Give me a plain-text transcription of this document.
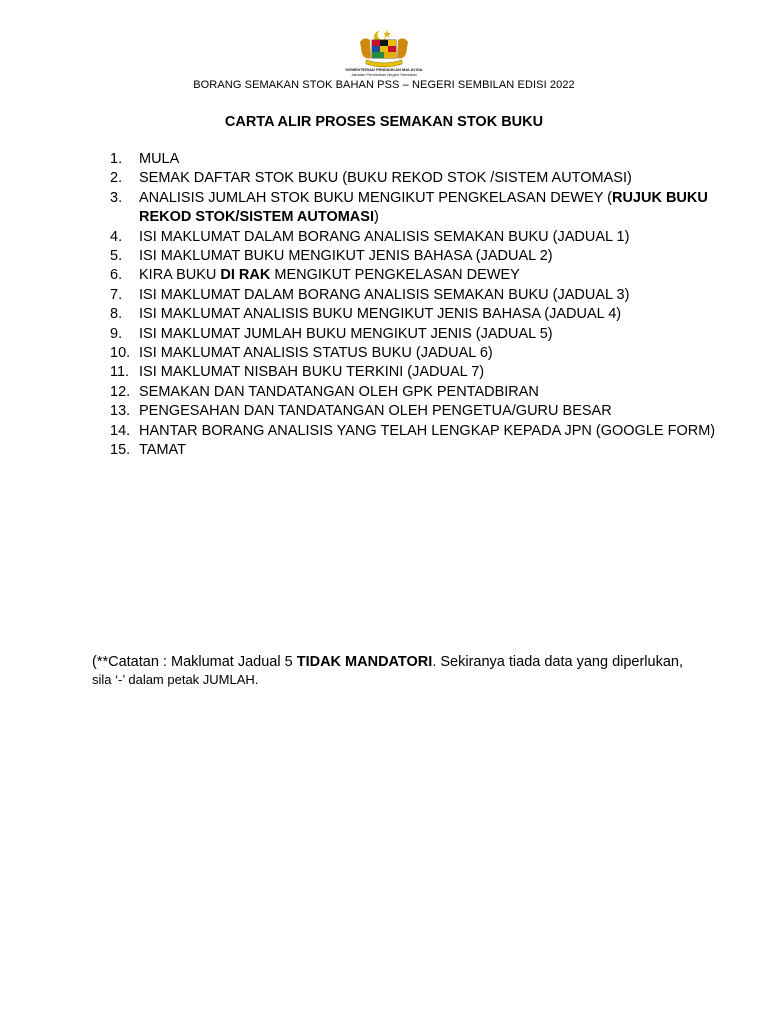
KEMENTERIAN PENDIDIKAN MALAYSIA
Jabatan Pendidikan Negeri Sembilan
BORANG SEMAKAN STOK BAHAN PSS – NEGERI SEMBILAN EDISI 2022
CARTA ALIR PROSES SEMAKAN STOK BUKU
1.	MULA
2.	SEMAK DAFTAR STOK BUKU (BUKU REKOD STOK /SISTEM AUTOMASI)
3.	ANALISIS JUMLAH STOK BUKU MENGIKUT PENGKELASAN DEWEY (RUJUK BUKU REKOD STOK/SISTEM AUTOMASI)
4.	ISI MAKLUMAT DALAM BORANG ANALISIS SEMAKAN BUKU (JADUAL 1)
5.	ISI MAKLUMAT BUKU MENGIKUT JENIS BAHASA (JADUAL 2)
6.	KIRA BUKU DI RAK MENGIKUT PENGKELASAN DEWEY
7.	ISI MAKLUMAT DALAM BORANG ANALISIS SEMAKAN BUKU (JADUAL 3)
8.	ISI MAKLUMAT ANALISIS BUKU MENGIKUT JENIS BAHASA (JADUAL 4)
9.	ISI MAKLUMAT JUMLAH BUKU MENGIKUT JENIS (JADUAL 5)
10. ISI MAKLUMAT ANALISIS STATUS BUKU (JADUAL 6)
11. ISI MAKLUMAT NISBAH BUKU TERKINI (JADUAL 7)
12. SEMAKAN DAN TANDATANGAN OLEH GPK PENTADBIRAN
13. PENGESAHAN DAN TANDATANGAN OLEH PENGETUA/GURU BESAR
14. HANTAR BORANG ANALISIS YANG TELAH LENGKAP KEPADA JPN (GOOGLE FORM)
15. TAMAT
(**Catatan : Maklumat Jadual 5 TIDAK MANDATORI. Sekiranya tiada data yang diperlukan,
sila ‘-’ dalam petak JUMLAH.
